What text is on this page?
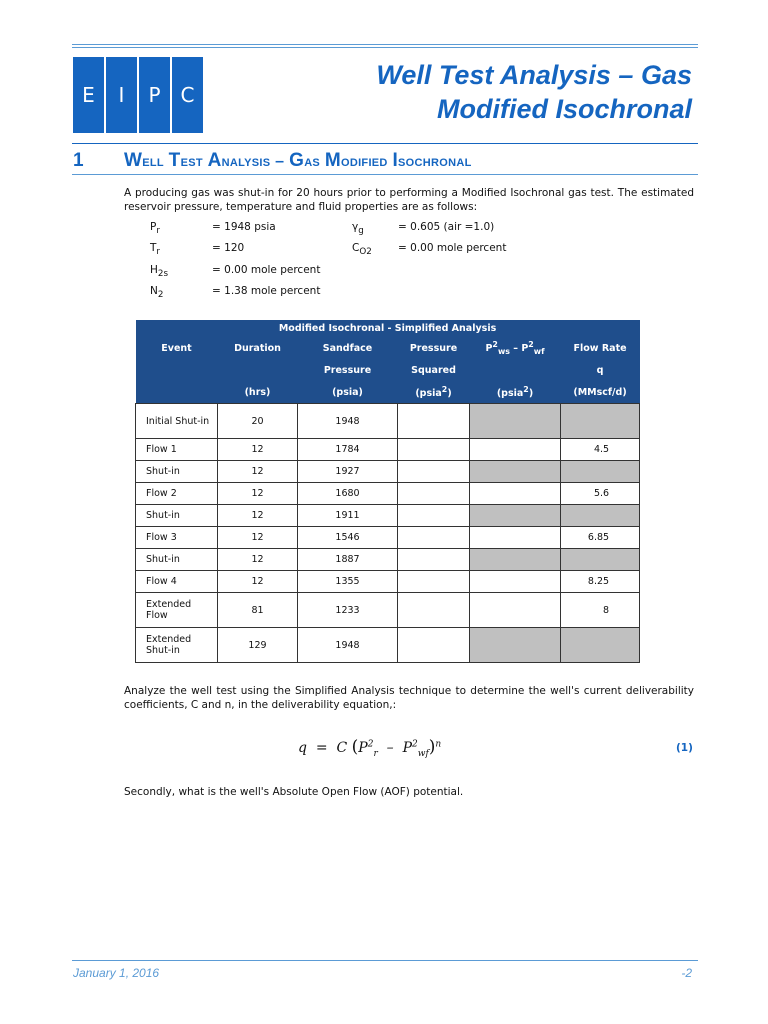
E	I	P C
Well Test Analysis – Gas
Modified Isochronal
1 Well Test Analysis – Gas Modified Isochronal
A producing gas was shut-in for 20 hours prior to performing a Modified Isochronal gas test. The estimated reservoir pressure, temperature and fluid properties are as follows:
$P_r$	= 1948 psia	$\gamma_g$	= 0.605 (air =1.0)
$T_r$	= 120	$C_{O2} = 0.00$ mole percent
$H_{2s}$	= 0.00 mole percent
$N_2$	= 1.38 mole percent
Modified Isochronal - Simplified Analysis					
Event	Duration	Sandface	Pressure	$P^2_{ws} - P^2_{wf}$	Flow Rate
		Pressure	Squared		q
	(hrs)	(psia)	(psia$^2$)	(psia$^2$)	(MMscf/d)
Initial Shut-in	20	1948			
Flow 1	12	1784			4.5
Shut-in	12	1927			
Flow 2	12	1680			5.6
Shut-in	12	1911			
Flow 3	12	1546			6.85
Shut-in	12	1887			
Flow 4	12	1355			8.25
Extended Flow	81	1233			8
Extended Shut-in	129	1948			
Analyze the well test using the Simplified Analysis technique to determine the well's current deliverability coefficients, C and n, in the deliverability equation,:
q  =  C $(P^2_r - P^2_{wf})^n$	(1)
Secondly, what is the well's Absolute Open Flow (AOF) potential.
January 1, 2016	-2
